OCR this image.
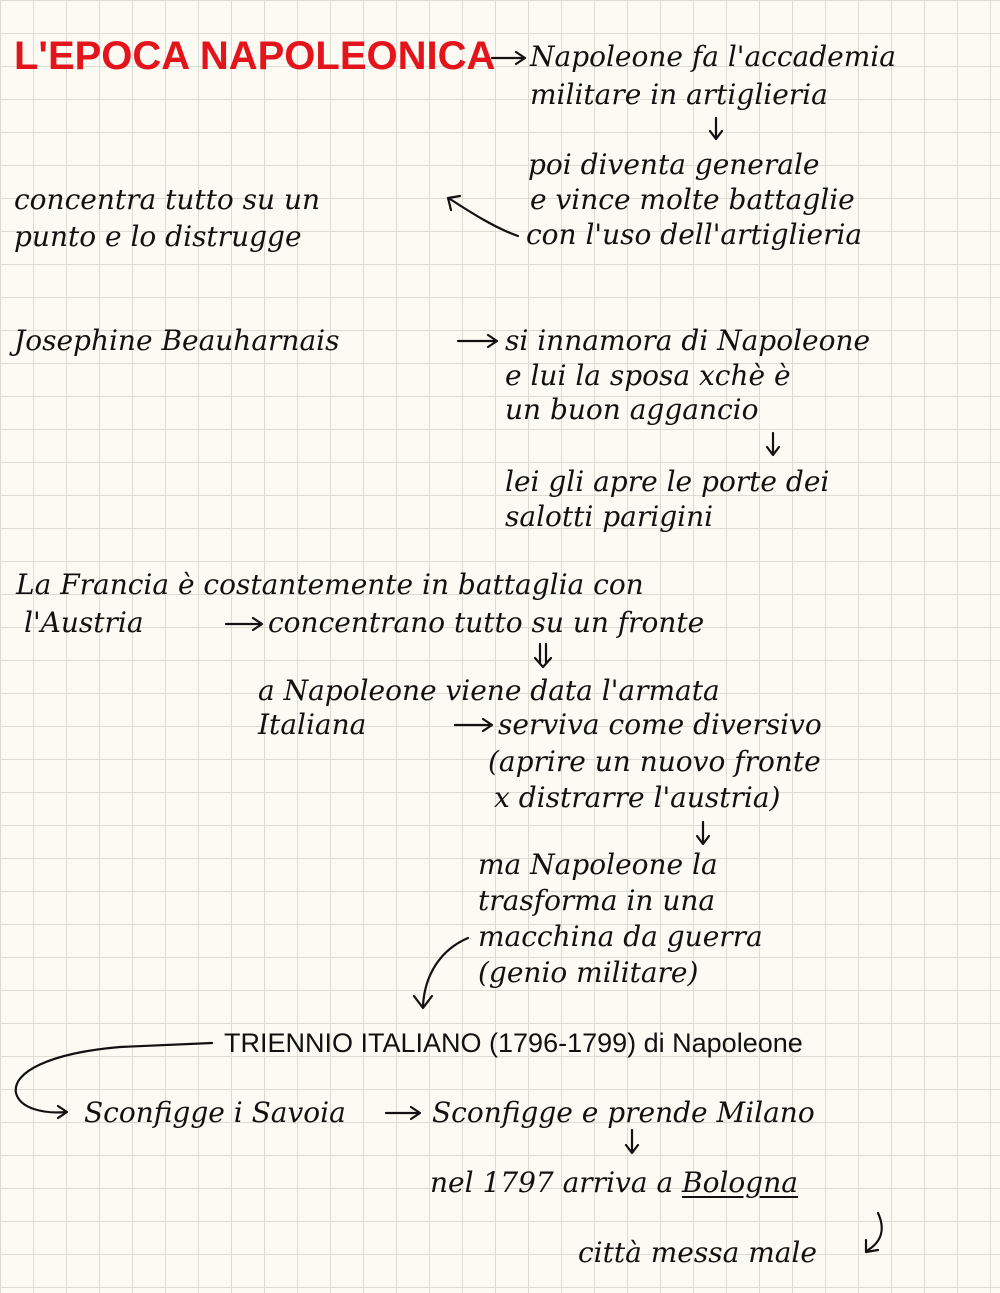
L'EPOCA NAPOLEONICA Napoleone fa l'accademia

militare in artiglieria

poi diventa generale

e vince molte battaglie

con l'uso dell'artiglieria

concentra tutto su un

punto e lo distrugge

Josephine Beauharnais	si innamora di Napoleone

e lui la sposa xchè è

un buon aggancio

lei gli apre le porte dei

salotti parigini

La Francia è costantemente in battaglia con

l'Austria	concentrano tutto su un fronte

a Napoleone viene data l'armata

Italiana	serviva come diversivo

(aprire un nuovo fronte

x distrarre l'austria)

ma Napoleone la

trasforma in una

macchina da guerra

(genio militare)

TRIENNIO ITALIANO (1796-1799) di Napoleone

Sconfigge i Savoia	Sconfigge e prende Milano

nel 1797 arriva a Bologna

città messa male
